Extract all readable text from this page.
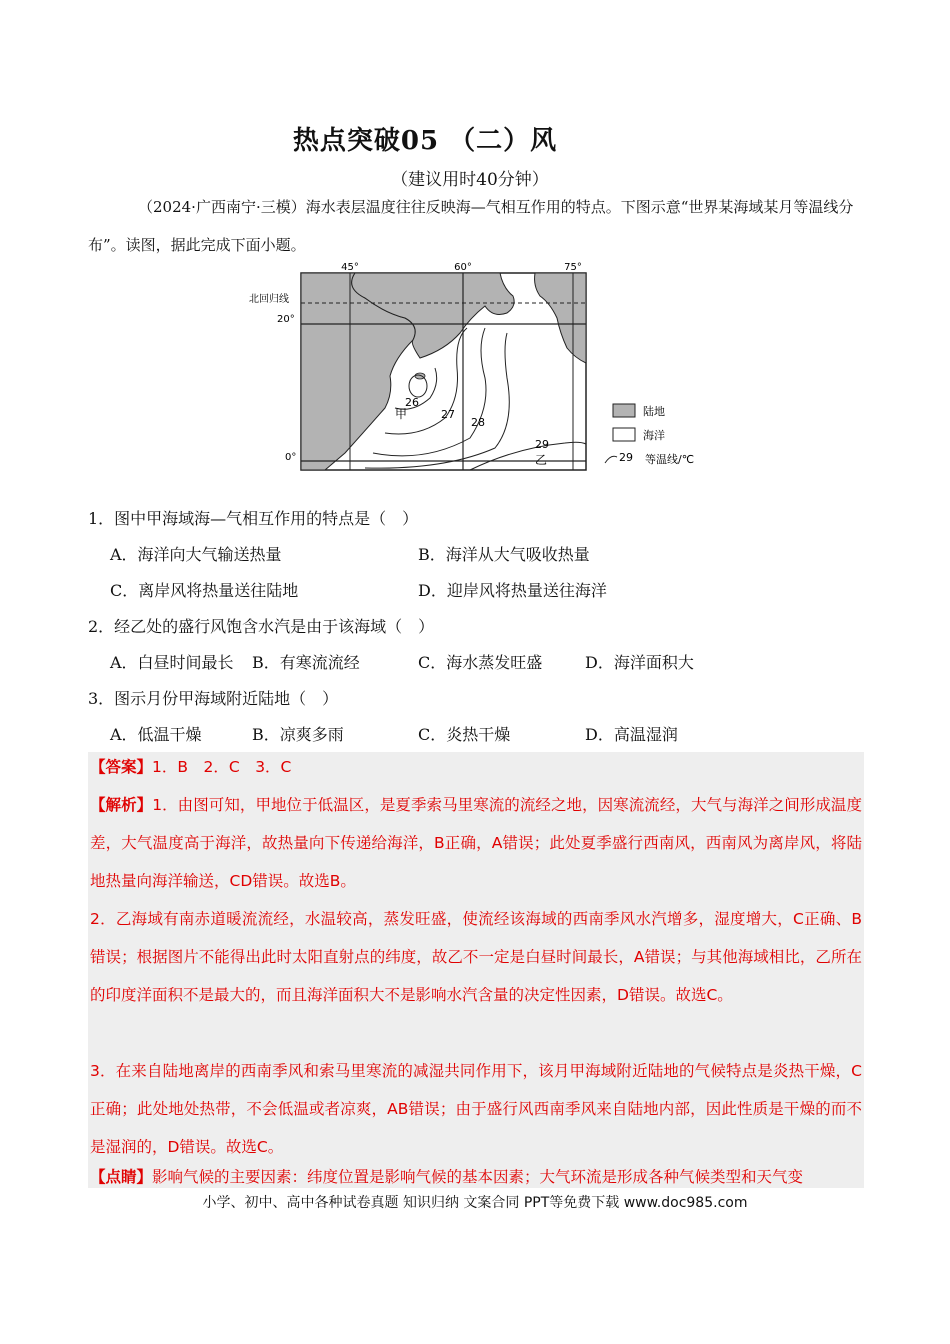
热点突破05 （二）风
（建议用时40分钟）
（2024·广西南宁·三模）海水表层温度往往反映海—气相互作用的特点。下图示意“世界某海域某月等温线分布”。读图，据此完成下面小题。
45°	60°	75°
北回归线
20°
0°
26
27
28
29
甲
乙
陆地
海洋
29 等温线/℃
1．图中甲海域海—气相互作用的特点是（　）
A．海洋向大气输送热量	B．海洋从大气吸收热量
C．离岸风将热量送往陆地	D．迎岸风将热量送往海洋
2．经乙处的盛行风饱含水汽是由于该海域（　）
A．白昼时间最长 B．有寒流流经	C．海水蒸发旺盛	D．海洋面积大
3．图示月份甲海域附近陆地（　）
A．低温干燥	B．凉爽多雨	C．炎热干燥	D．高温湿润
【答案】1．B　2．C　3．C
【解析】1．由图可知，甲地位于低温区，是夏季索马里寒流的流经之地，因寒流流经，大气与海洋之间形成温度差，大气温度高于海洋，故热量向下传递给海洋，B正确，A错误；此处夏季盛行西南风，西南风为离岸风，将陆地热量向海洋输送，CD错误。故选B。
2．乙海域有南赤道暖流流经，水温较高，蒸发旺盛，使流经该海域的西南季风水汽增多，湿度增大，C正确、B错误；根据图片不能得出此时太阳直射点的纬度，故乙不一定是白昼时间最长，A错误；与其他海域相比，乙所在的印度洋面积不是最大的，而且海洋面积大不是影响水汽含量的决定性因素，D错误。故选C。
3．在来自陆地离岸的西南季风和索马里寒流的减湿共同作用下，该月甲海域附近陆地的气候特点是炎热干燥，C正确；此处地处热带，不会低温或者凉爽，AB错误；由于盛行风西南季风来自陆地内部，因此性质是干燥的而不是湿润的，D错误。故选C。
【点睛】影响气候的主要因素：纬度位置是影响气候的基本因素；大气环流是形成各种气候类型和天气变
小学、初中、高中各种试卷真题 知识归纳 文案合同 PPT等免费下载 www.doc985.com
